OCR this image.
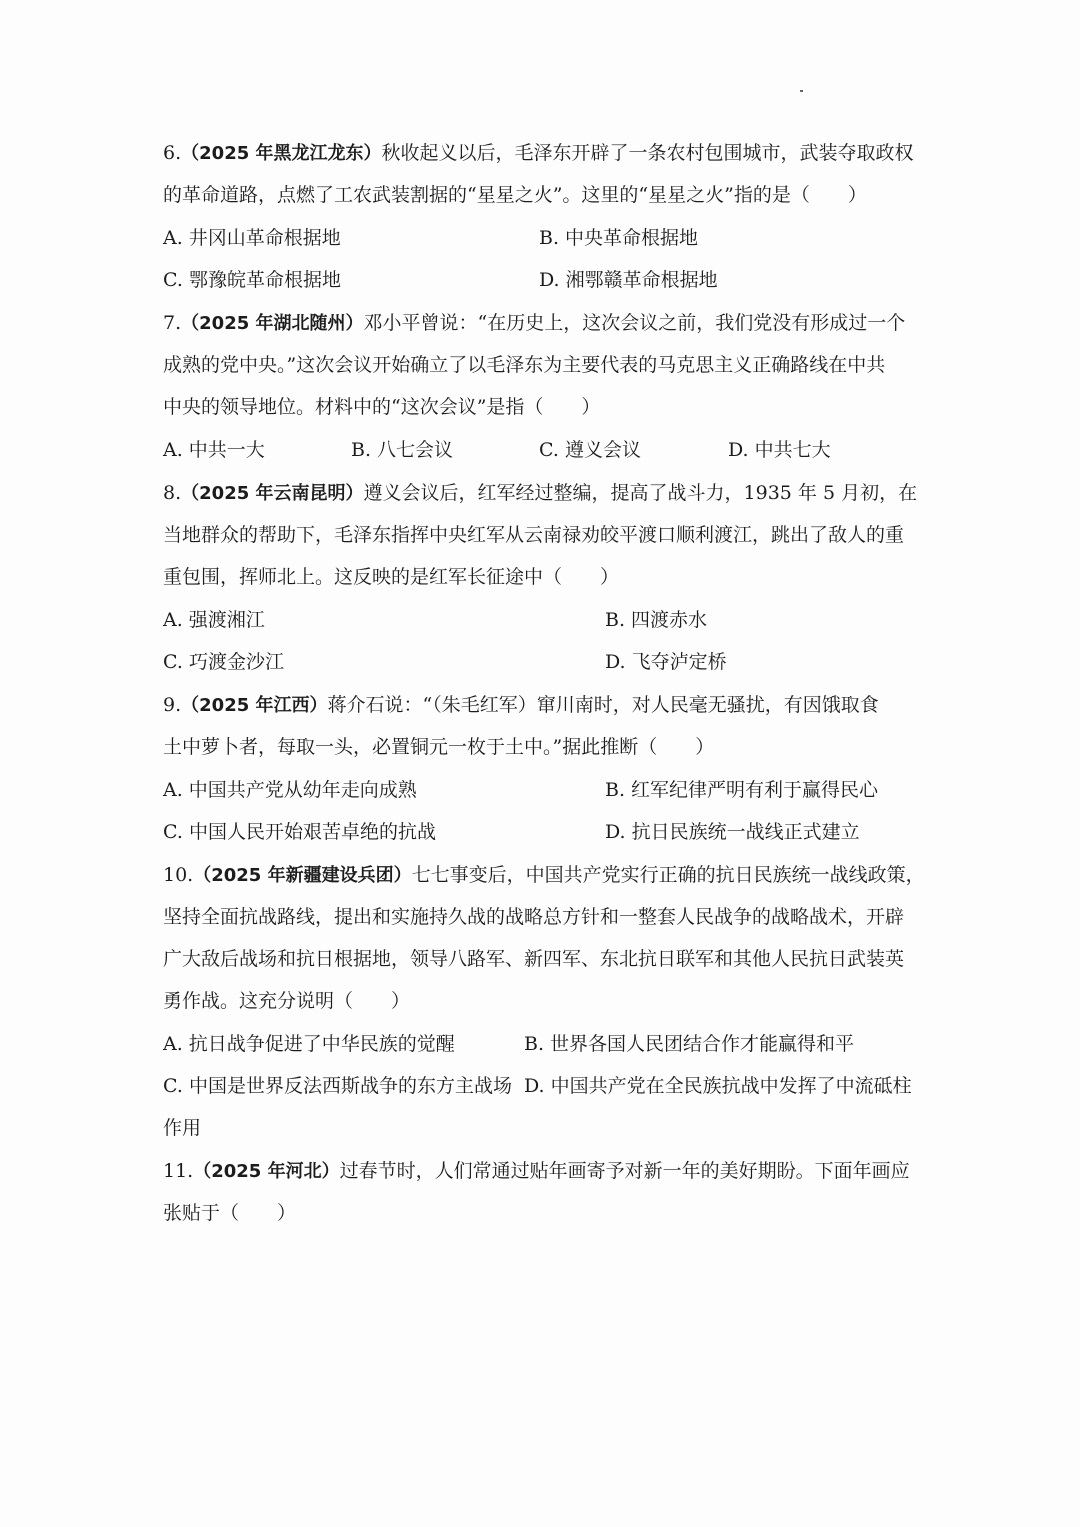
6.（2025 年黑龙江龙东）秋收起义以后，毛泽东开辟了一条农村包围城市，武装夺取政权
的革命道路，点燃了工农武装割据的“星星之火”。这里的“星星之火”指的是（　　）
A. 井冈山革命根据地	B. 中央革命根据地
C. 鄂豫皖革命根据地	D. 湘鄂赣革命根据地
7.（2025 年湖北随州）邓小平曾说：“在历史上，这次会议之前，我们党没有形成过一个
成熟的党中央。”这次会议开始确立了以毛泽东为主要代表的马克思主义正确路线在中共
中央的领导地位。材料中的“这次会议”是指（　　）
A. 中共一大	B. 八七会议	C. 遵义会议	D. 中共七大
8.（2025 年云南昆明）遵义会议后，红军经过整编，提高了战斗力，1935 年 5 月初，在
当地群众的帮助下，毛泽东指挥中央红军从云南禄劝皎平渡口顺利渡江，跳出了敌人的重
重包围，挥师北上。这反映的是红军长征途中（　　）
A. 强渡湘江	B. 四渡赤水
C. 巧渡金沙江	D. 飞夺泸定桥
9.（2025 年江西）蒋介石说：“（朱毛红军）窜川南时，对人民毫无骚扰，有因饿取食
土中萝卜者，每取一头，必置铜元一枚于土中。”据此推断（　　）
A. 中国共产党从幼年走向成熟	B. 红军纪律严明有利于赢得民心
C. 中国人民开始艰苦卓绝的抗战	D. 抗日民族统一战线正式建立
10.（2025 年新疆建设兵团）七七事变后，中国共产党实行正确的抗日民族统一战线政策，
坚持全面抗战路线，提出和实施持久战的战略总方针和一整套人民战争的战略战术，开辟
广大敌后战场和抗日根据地，领导八路军、新四军、东北抗日联军和其他人民抗日武装英
勇作战。这充分说明（　　）
A. 抗日战争促进了中华民族的觉醒	B. 世界各国人民团结合作才能赢得和平
C. 中国是世界反法西斯战争的东方主战场 D. 中国共产党在全民族抗战中发挥了中流砥柱
作用
11.（2025 年河北）过春节时，人们常通过贴年画寄予对新一年的美好期盼。下面年画应
张贴于（　　）
